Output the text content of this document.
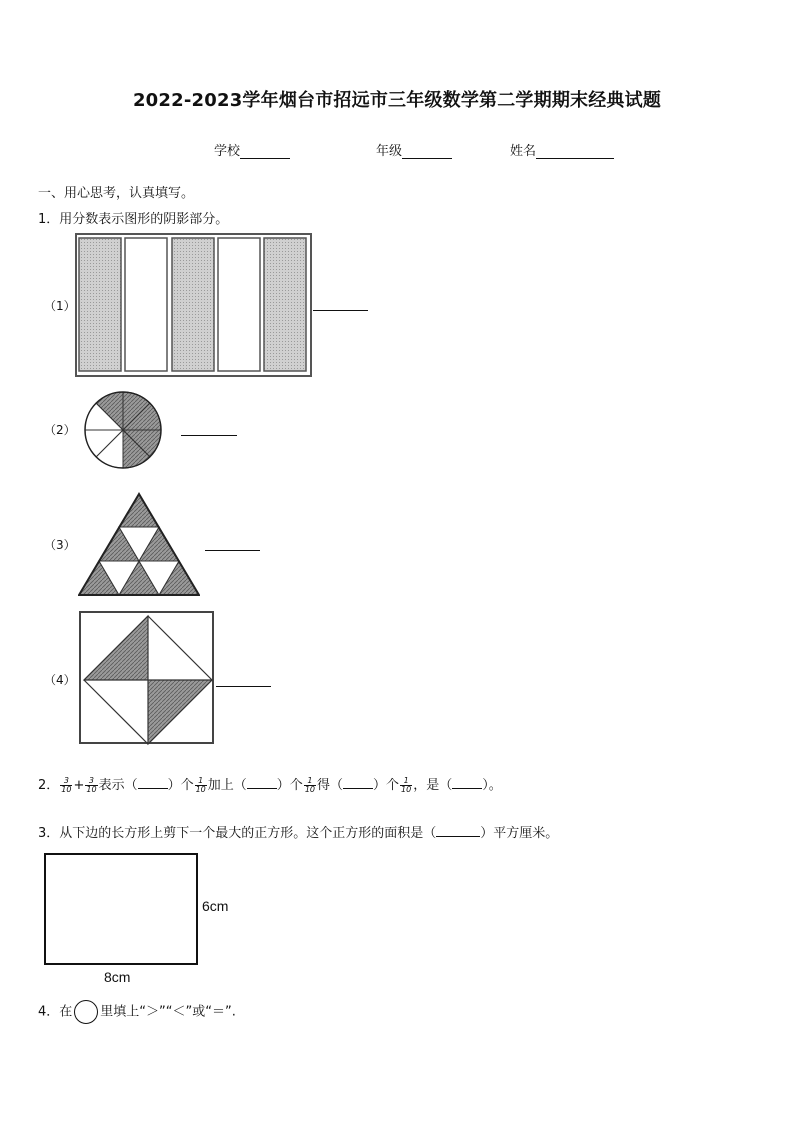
2022-2023学年烟台市招远市三年级数学第二学期期末经典试题
学校	年级	姓名
一、用心思考，认真填写。
1．用分数表示图形的阴影部分。
（1）
（2）
（3）
（4）
2． $\frac{3}{10} + \frac{3}{10}$ 表示（ ）个 $\frac{1}{10}$ 加上（ ）个 $\frac{1}{10}$ 得（ ）个 $\frac{1}{10}$ ，是（ ）。
3．从下边的长方形上剪下一个最大的正方形。这个正方形的面积是（	）平方厘米。
6cm
8cm
4．在 里填上“＞”“＜”或“＝”.
